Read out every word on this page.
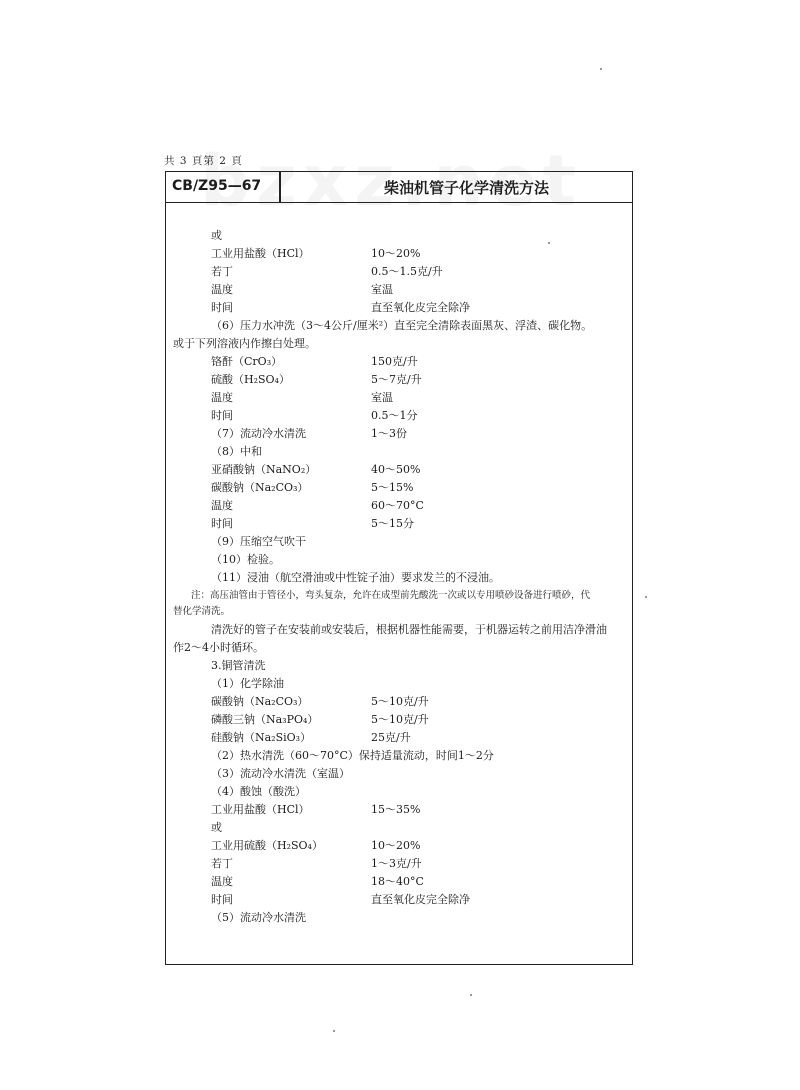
共 3 頁第 2 頁
CB/Z95—67	柴油机管子化学清洗方法
或
工业用盐酸（HCl）	10～20%
若丁	0.5～1.5克/升
温度	室温
时间	直至氧化皮完全除净
（6）压力水冲洗（3～4公斤/厘米²）直至完全清除表面黑灰、浮渣、碳化物。
或于下列溶液内作擦白处理。
铬酐（CrO₃）	150克/升
硫酸（H₂SO₄）	5～7克/升
温度	室温
时间	0.5～1分
（7）流动冷水清洗	1～3份
（8）中和
亚硝酸钠（NaNO₂）	40～50%
碳酸钠（Na₂CO₃）	5～15%
温度	60～70°C
时间	5～15分
（9）压缩空气吹干
（10）检验。
（11）浸油（航空滑油或中性锭子油）要求发兰的不浸油。
注：高压油管由于管径小，弯头复杂，允许在成型前先酸洗一次或以专用喷砂设备进行喷砂，代
替化学清洗。
清洗好的管子在安装前或安装后，根据机器性能需要，于机器运转之前用洁净滑油
作2～4小时循环。
3.铜管清洗
（1）化学除油
碳酸钠（Na₂CO₃）	5～10克/升
磷酸三钠（Na₃PO₄）	5～10克/升
硅酸钠（Na₂SiO₃）	25克/升
（2）热水清洗（60～70°C）保持适量流动，时间1～2分
（3）流动冷水清洗（室温）
（4）酸蚀（酸洗）
工业用盐酸（HCl）	15～35%
或
工业用硫酸（H₂SO₄）	10～20%
若丁	1～3克/升
温度	18～40°C
时间	直至氧化皮完全除净
（5）流动冷水清洗
